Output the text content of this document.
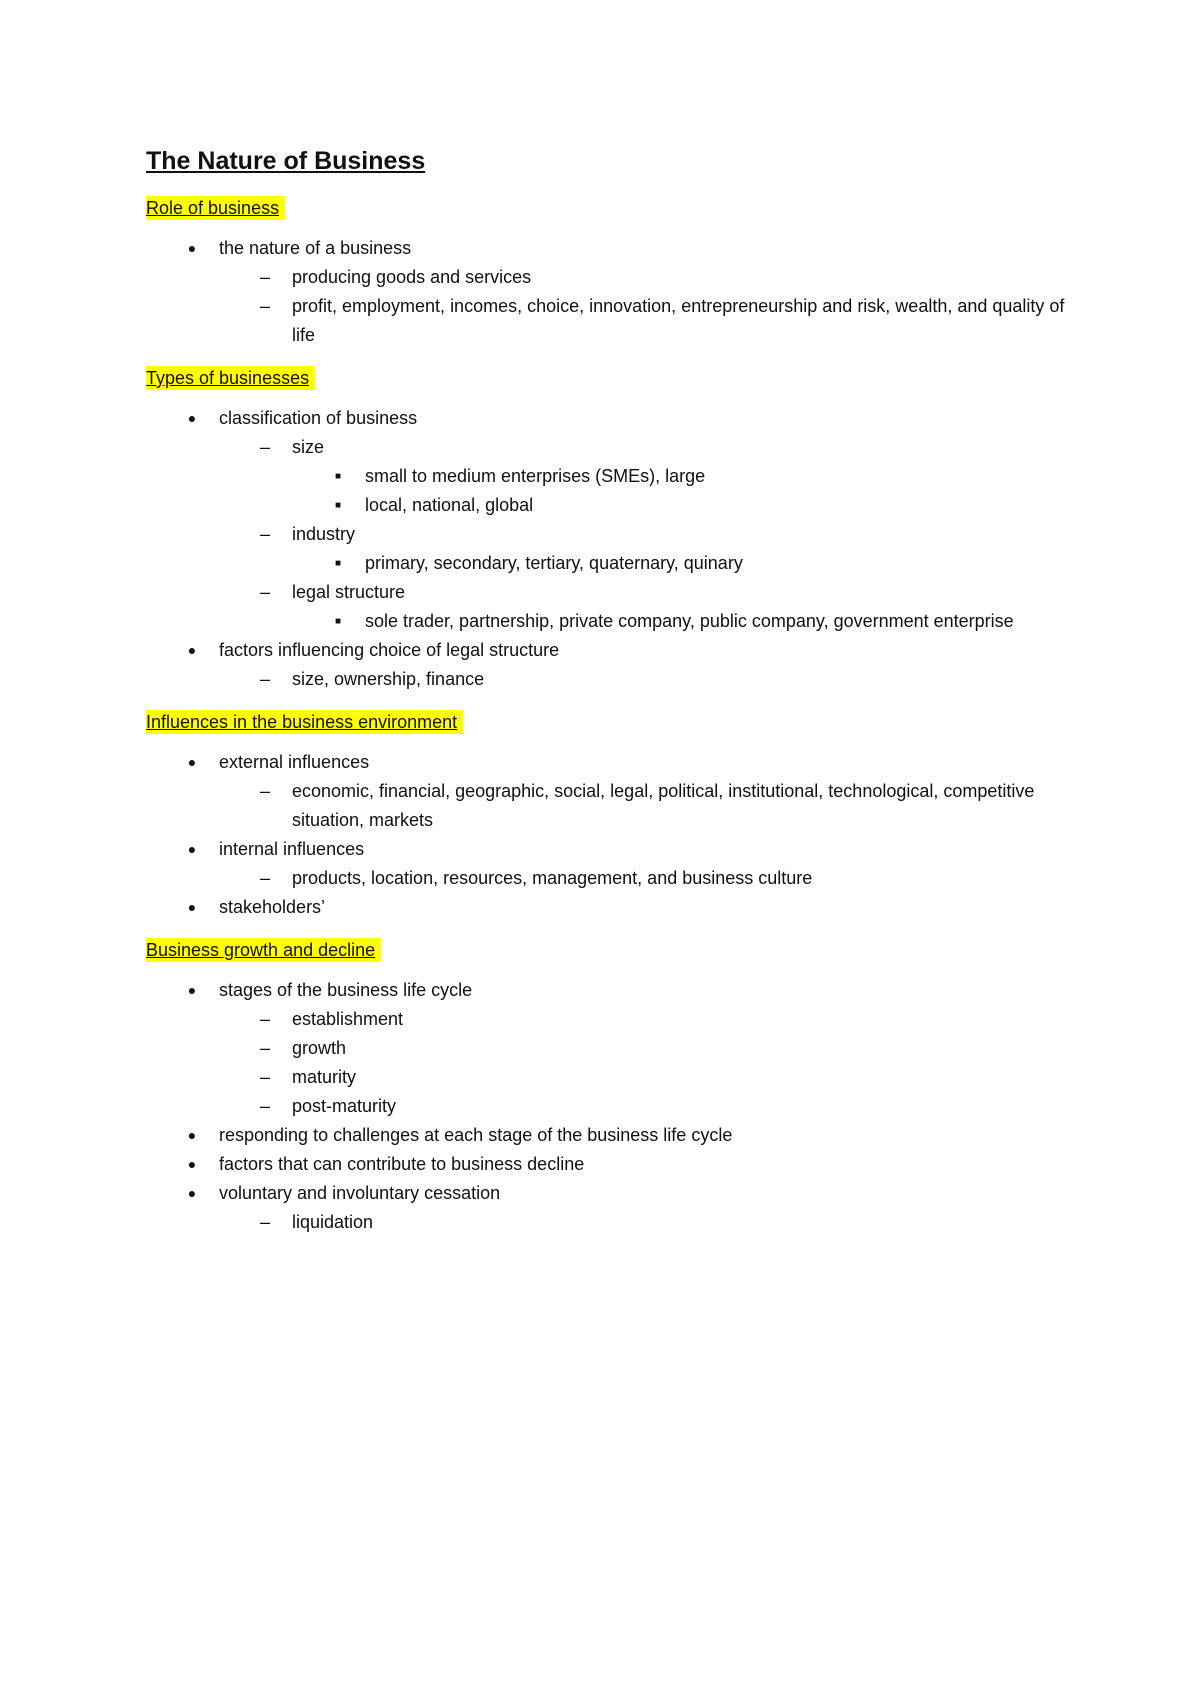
The Nature of Business
Role of business
●	the nature of a business
– producing goods and services
– profit, employment, incomes, choice, innovation, entrepreneurship and risk, wealth, and quality of life
Types of businesses
●	classification of business
– size
■	small to medium enterprises (SMEs), large
■	local, national, global
– industry
■	primary, secondary, tertiary, quaternary, quinary
– legal structure
■	sole trader, partnership, private company, public company, government enterprise
●	factors influencing choice of legal structure
– size, ownership, finance
Influences in the business environment
●	external influences
– economic, financial, geographic, social, legal, political, institutional, technological, competitive situation, markets
●	internal influences
– products, location, resources, management, and business culture
●	stakeholders’
Business growth and decline
●	stages of the business life cycle
– establishment
– growth
– maturity
– post-maturity
●	responding to challenges at each stage of the business life cycle
●	factors that can contribute to business decline
●	voluntary and involuntary cessation
– liquidation
